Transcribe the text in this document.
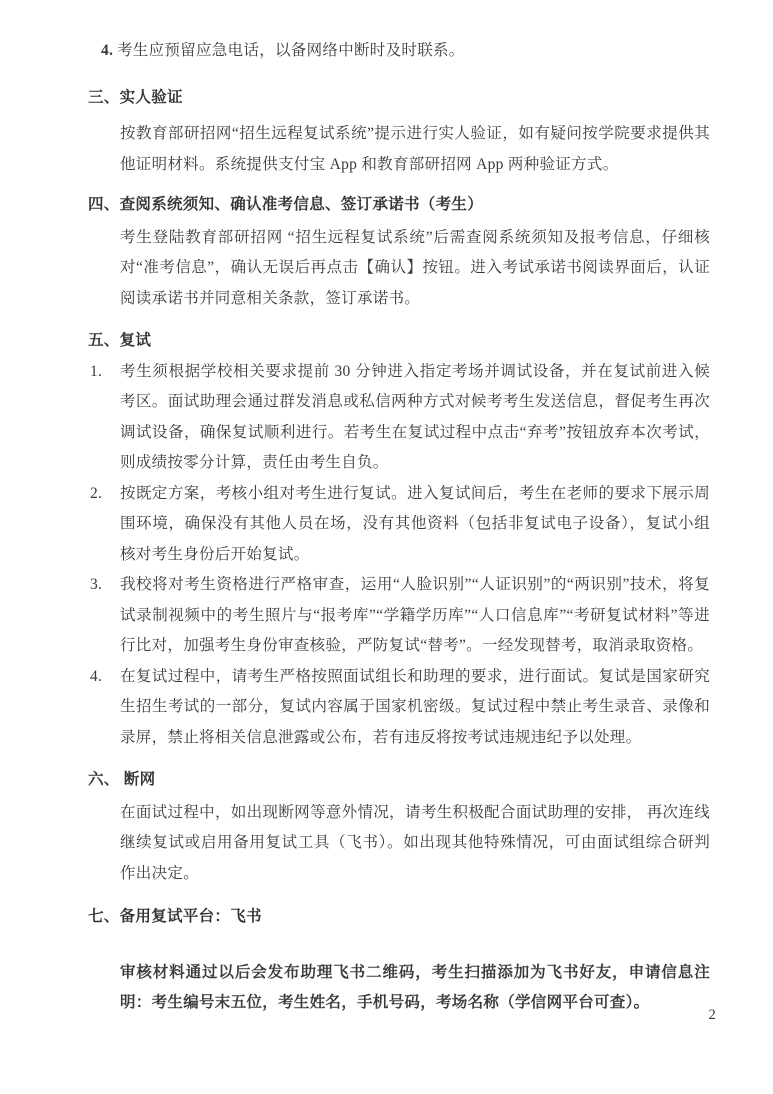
4. 考生应预留应急电话，以备网络中断时及时联系。
三、实人验证

按教育部研招网“招生远程复试系统”提示进行实人验证，如有疑问按学院要求提供其他证明材料。系统提供支付宝 App 和教育部研招网 App 两种验证方式。

四、查阅系统须知、确认准考信息、签订承诺书（考生）

考生登陆教育部研招网 “招生远程复试系统”后需查阅系统须知及报考信息，仔细核对“准考信息”，确认无误后再点击【确认】按钮。进入考试承诺书阅读界面后，认证阅读承诺书并同意相关条款，签订承诺书。

五、复试
1.	考生须根据学校相关要求提前 30 分钟进入指定考场并调试设备，并在复试前进入候考区。面试助理会通过群发消息或私信两种方式对候考考生发送信息，督促考生再次调试设备，确保复试顺利进行。若考生在复试过程中点击“弃考”按钮放弃本次考试，则成绩按零分计算，责任由考生自负。
2.	按既定方案，考核小组对考生进行复试。进入复试间后，考生在老师的要求下展示周围环境，确保没有其他人员在场，没有其他资料（包括非复试电子设备），复试小组核对考生身份后开始复试。
3.	我校将对考生资格进行严格审查，运用“人脸识别”“人证识别”的“两识别”技术，将复试录制视频中的考生照片与“报考库”“学籍学历库”“人口信息库”“考研复试材料”等进行比对，加强考生身份审查核验，严防复试“替考”。一经发现替考，取消录取资格。
4.	在复试过程中，请考生严格按照面试组长和助理的要求，进行面试。复试是国家研究生招生考试的一部分，复试内容属于国家机密级。复试过程中禁止考生录音、录像和录屏，禁止将相关信息泄露或公布，若有违反将按考试违规违纪予以处理。
六、 断网

在面试过程中，如出现断网等意外情况，请考生积极配合面试助理的安排， 再次连线继续复试或启用备用复试工具（飞书）。如出现其他特殊情况，可由面试组综合研判作出决定。

七、备用复试平台：飞书

审核材料通过以后会发布助理飞书二维码，考生扫描添加为飞书好友，申请信息注明：考生编号末五位，考生姓名，手机号码，考场名称（学信网平台可查）。

2
